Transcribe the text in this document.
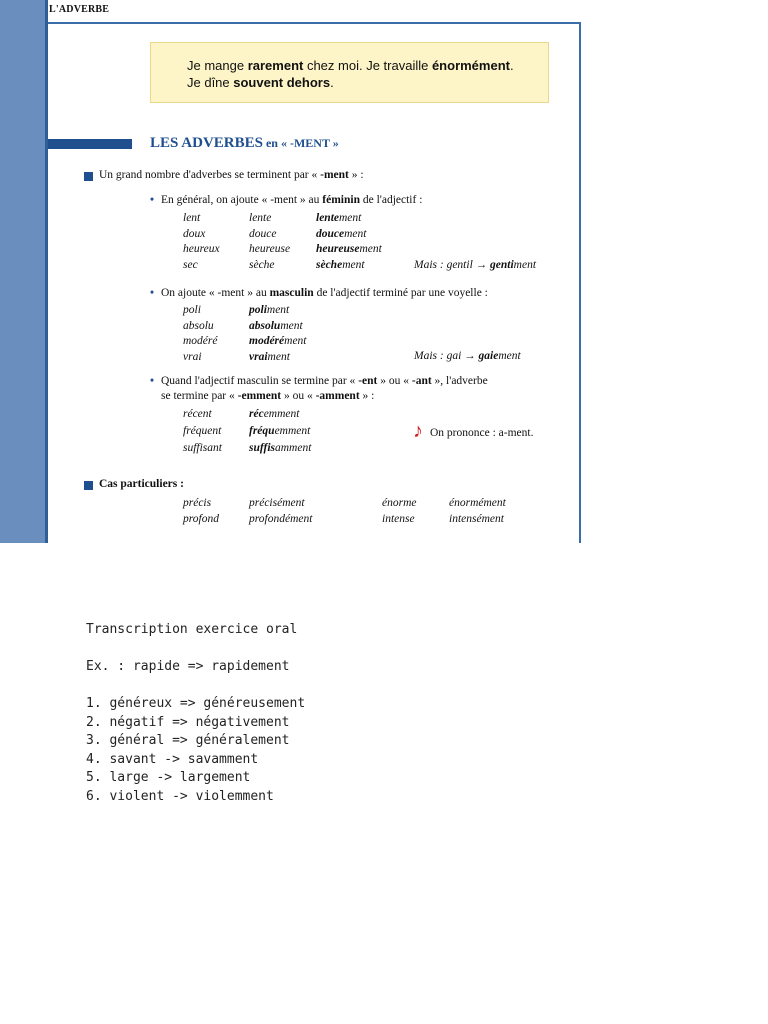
L'ADVERBE
Je mange rarement chez moi. Je travaille énormément.
Je dîne souvent dehors.
LES ADVERBES en « -MENT »
Un grand nombre d'adverbes se terminent par « -ment » :
• En général, on ajoute « -ment » au féminin de l'adjectif :
lent	lente	lentement
doux	douce	doucement
heureux	heureuse heureusement
sec	sèche	sèchement	Mais : gentil → gentiment
• On ajoute « -ment » au masculin de l'adjectif terminé par une voyelle :
poli	poliment
absolu	absolument
modéré	modérément
vrai	vraiment	Mais : gai → gaiement
• Quand l'adjectif masculin se termine par « -ent » ou « -ant », l'adverbe
se termine par « -emment » ou « -amment » :
récent	récemment
fréquent fréquemment
suffisant suffisamment
♪ On prononce : a-ment.
Cas particuliers :
précis	précisément	énorme	énormément
profond	profondément	intense	intensément
Transcription exercice oral
Ex. : rapide => rapidement
1. généreux => généreusement
2. négatif => négativement
3. général => généralement
4. savant -> savamment
5. large -> largement
6. violent -> violemment
